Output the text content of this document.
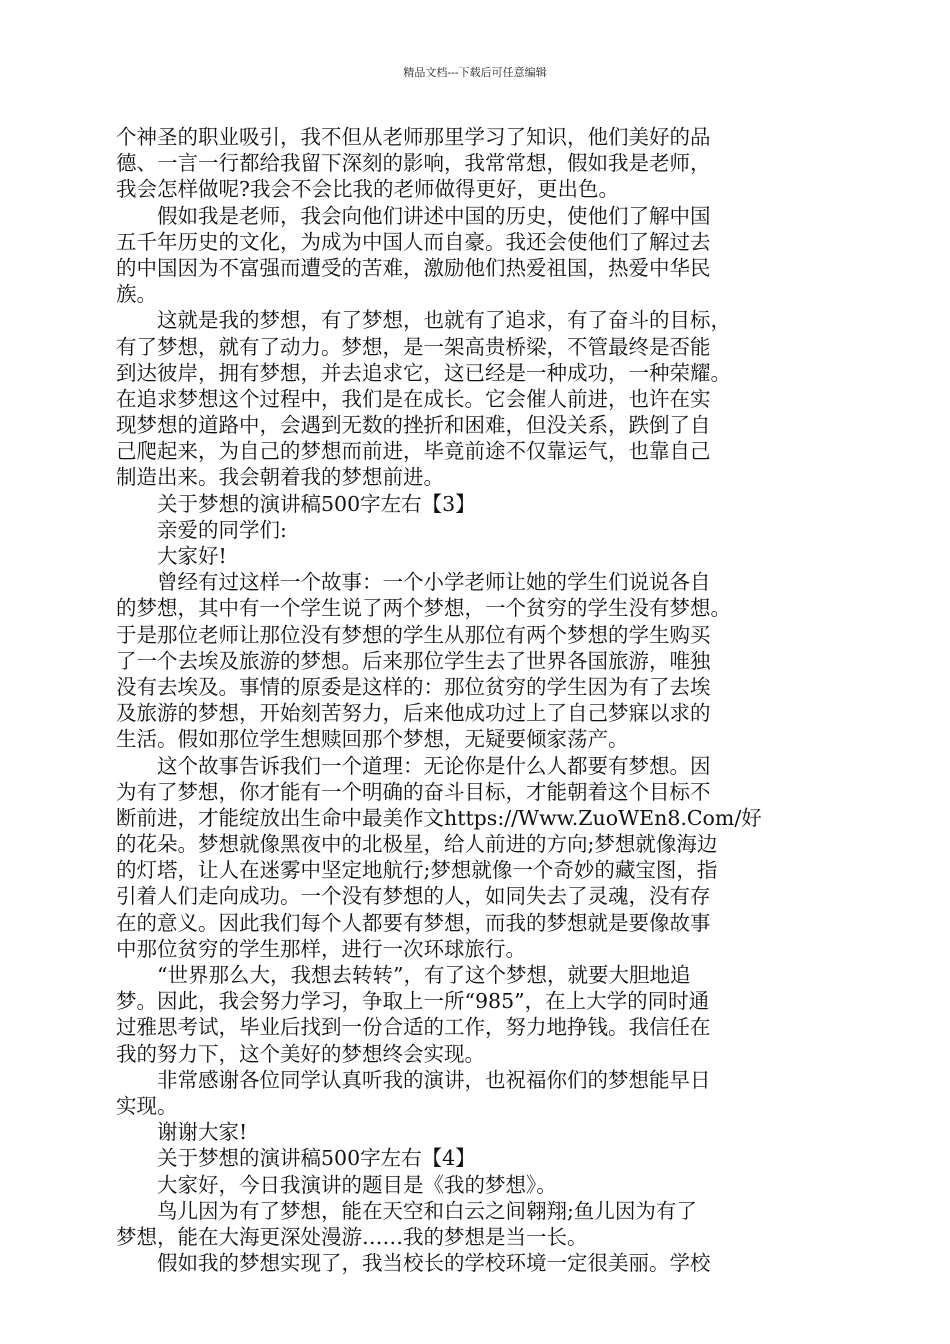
精品文档---下载后可任意编辑
个神圣的职业吸引，我不但从老师那里学习了知识，他们美好的品
德、一言一行都给我留下深刻的影响，我常常想，假如我是老师，
我会怎样做呢?我会不会比我的老师做得更好，更出色。
　　假如我是老师，我会向他们讲述中国的历史，使他们了解中国
五千年历史的文化，为成为中国人而自豪。我还会使他们了解过去
的中国因为不富强而遭受的苦难，激励他们热爱祖国，热爱中华民
族。
　　这就是我的梦想，有了梦想，也就有了追求，有了奋斗的目标，
有了梦想，就有了动力。梦想，是一架高贵桥梁，不管最终是否能
到达彼岸，拥有梦想，并去追求它，这已经是一种成功，一种荣耀。
在追求梦想这个过程中，我们是在成长。它会催人前进，也许在实
现梦想的道路中，会遇到无数的挫折和困难，但没关系，跌倒了自
己爬起来，为自己的梦想而前进，毕竟前途不仅靠运气，也靠自己
制造出来。我会朝着我的梦想前进。
　　关于梦想的演讲稿500字左右【3】
　　亲爱的同学们:
　　大家好!
　　曾经有过这样一个故事：一个小学老师让她的学生们说说各自
的梦想，其中有一个学生说了两个梦想，一个贫穷的学生没有梦想。
于是那位老师让那位没有梦想的学生从那位有两个梦想的学生购买
了一个去埃及旅游的梦想。后来那位学生去了世界各国旅游，唯独
没有去埃及。事情的原委是这样的：那位贫穷的学生因为有了去埃
及旅游的梦想，开始刻苦努力，后来他成功过上了自己梦寐以求的
生活。假如那位学生想赎回那个梦想，无疑要倾家荡产。
　　这个故事告诉我们一个道理：无论你是什么人都要有梦想。因
为有了梦想，你才能有一个明确的奋斗目标，才能朝着这个目标不
断前进，才能绽放出生命中最美作文https://Www.ZuoWEn8.Com/好
的花朵。梦想就像黑夜中的北极星，给人前进的方向;梦想就像海边
的灯塔，让人在迷雾中坚定地航行;梦想就像一个奇妙的藏宝图，指
引着人们走向成功。一个没有梦想的人，如同失去了灵魂，没有存
在的意义。因此我们每个人都要有梦想，而我的梦想就是要像故事
中那位贫穷的学生那样，进行一次环球旅行。
　　“世界那么大，我想去转转”，有了这个梦想，就要大胆地追
梦。因此，我会努力学习，争取上一所“985”，在上大学的同时通
过雅思考试，毕业后找到一份合适的工作，努力地挣钱。我信任在
我的努力下，这个美好的梦想终会实现。
　　非常感谢各位同学认真听我的演讲，也祝福你们的梦想能早日
实现。
　　谢谢大家!
　　关于梦想的演讲稿500字左右【4】
　　大家好，今日我演讲的题目是《我的梦想》。
　　鸟儿因为有了梦想，能在天空和白云之间翱翔;鱼儿因为有了
梦想，能在大海更深处漫游……我的梦想是当一长。
　　假如我的梦想实现了，我当校长的学校环境一定很美丽。学校
